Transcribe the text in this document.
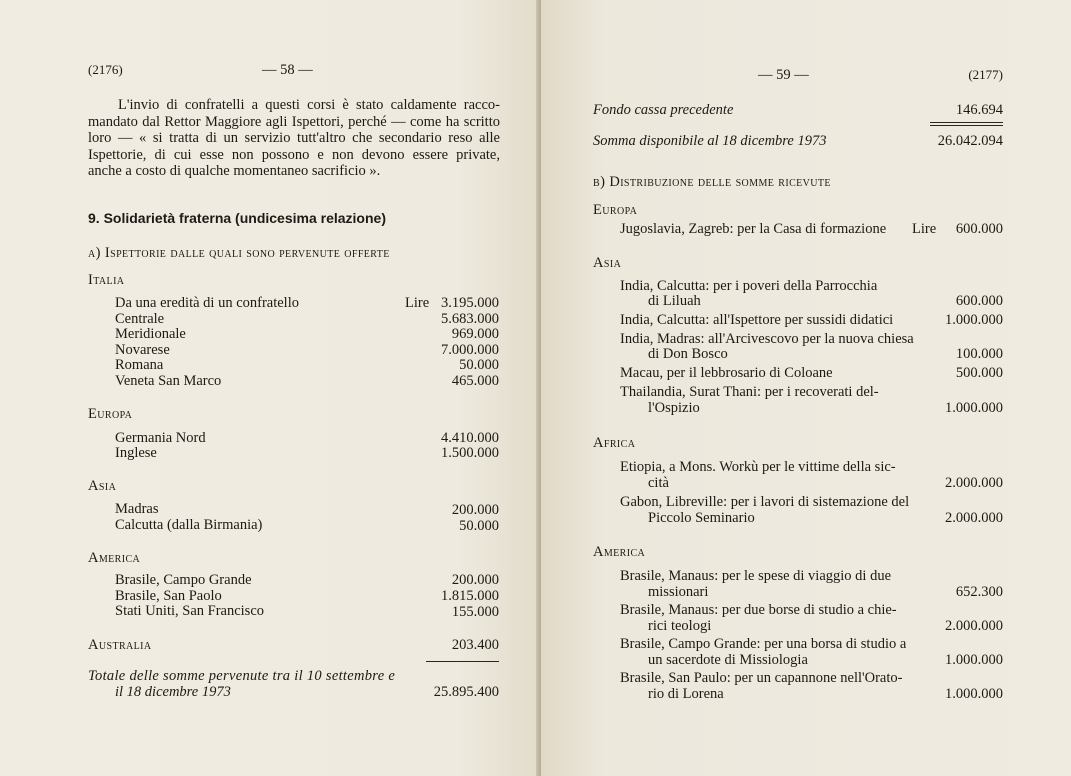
(2176)	— 58 —
L'invio di confratelli a questi corsi è stato caldamente racco-
mandato dal Rettor Maggiore agli Ispettori, perché — come ha scritto
loro — « si tratta di un servizio tutt'altro che secondario reso alle
Ispettorie, di cui esse non possono e non devono essere private,
anche a costo di qualche momentaneo sacrificio ».
9. Solidarietà fraterna (undicesima relazione)
a) Ispettorie dalle quali sono pervenute offerte
Italia
Da una eredità di un confratello	Lire 3.195.000
Centrale	5.683.000
Meridionale	969.000
Novarese	7.000.000
Romana	50.000
Veneta San Marco	465.000
Europa
Germania Nord	4.410.000
Inglese	1.500.000
Asia
Madras	200.000
Calcutta (dalla Birmania)	50.000
America
Brasile, Campo Grande	200.000
Brasile, San Paolo	1.815.000
Stati Uniti, San Francisco	155.000
Australia	203.400
Totale delle somme pervenute tra il 10 settembre e
il 18 dicembre 1973	25.895.400
— 59 —	(2177)
Fondo cassa precedente	146.694
Somma disponibile al 18 dicembre 1973	26.042.094
b) Distribuzione delle somme ricevute
Europa
Jugoslavia, Zagreb: per la Casa di formazione Lire	600.000
Asia
India, Calcutta: per i poveri della Parrocchia
di Liluah	600.000
India, Calcutta: all'Ispettore per sussidi didatici	1.000.000
India, Madras: all'Arcivescovo per la nuova chiesa
di Don Bosco	100.000
Macau, per il lebbrosario di Coloane	500.000
Thailandia, Surat Thani: per i recoverati del-
l'Ospizio	1.000.000
Africa
Etiopia, a Mons. Workù per le vittime della sic-
cità	2.000.000
Gabon, Libreville: per i lavori di sistemazione del
Piccolo Seminario	2.000.000
America
Brasile, Manaus: per le spese di viaggio di due
missionari	652.300
Brasile, Manaus: per due borse di studio a chie-
rici teologi	2.000.000
Brasile, Campo Grande: per una borsa di studio a
un sacerdote di Missiologia	1.000.000
Brasile, San Paulo: per un capannone nell'Orato-
rio di Lorena	1.000.000
